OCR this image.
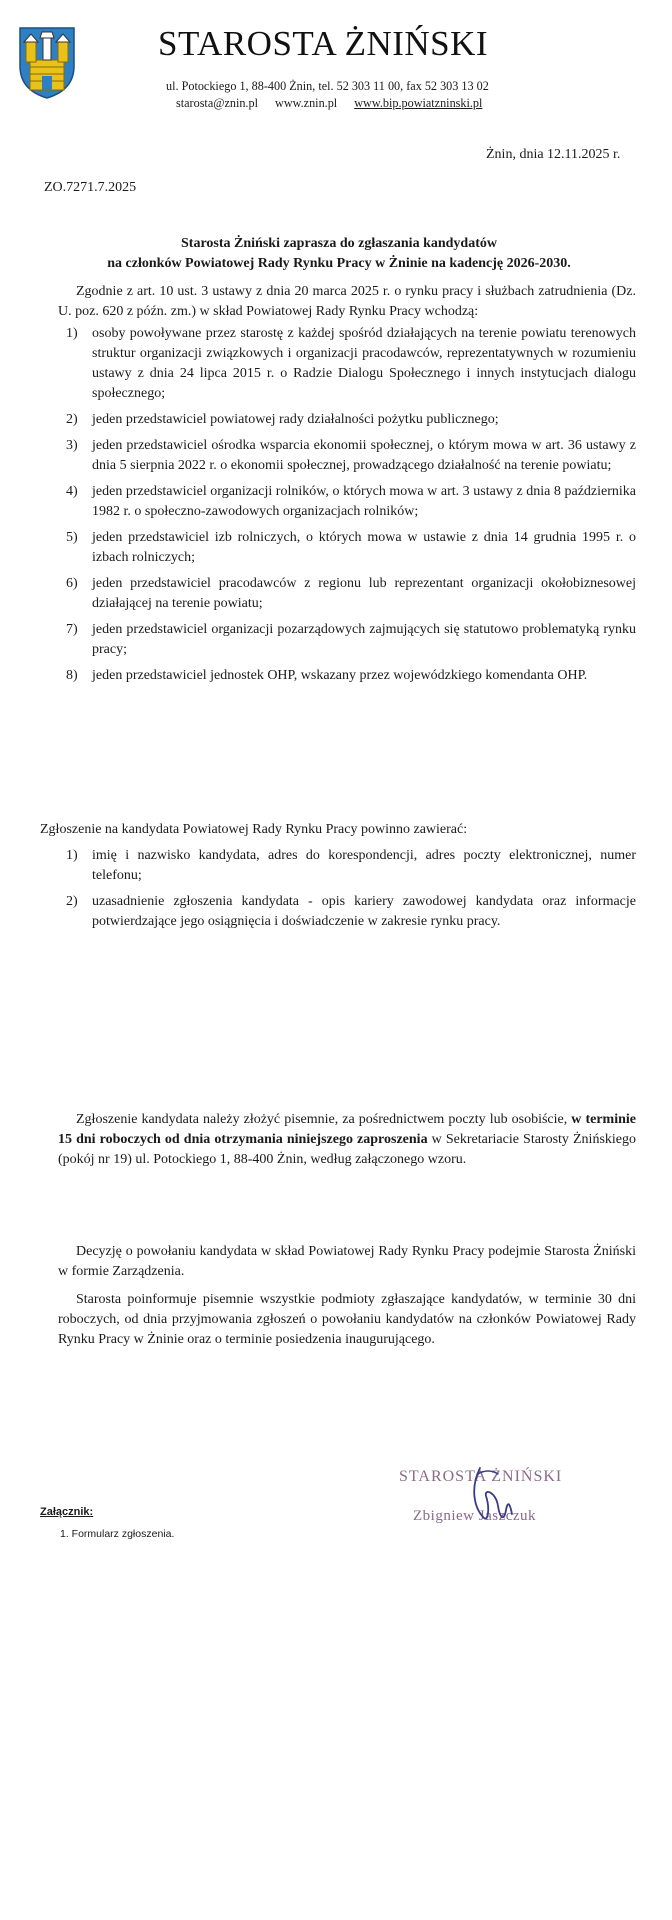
STAROSTA ŻNIŃSKI
ul. Potockiego 1, 88-400 Żnin, tel. 52 303 11 00, fax 52 303 13 02
starosta@znin.pl www.znin.pl www.bip.powiatzninski.pl
Żnin, dnia 12.11.2025 r.
ZO.7271.7.2025
Starosta Żniński zaprasza do zgłaszania kandydatów
na członków Powiatowej Rady Rynku Pracy w Żninie na kadencję 2026-2030.
Zgodnie z art. 10 ust. 3 ustawy z dnia 20 marca 2025 r. o rynku pracy i służbach zatrudnienia (Dz. U. poz. 620 z późn. zm.) w skład Powiatowej Rady Rynku Pracy wchodzą:
1) osoby powoływane przez starostę z każdej spośród działających na terenie powiatu terenowych struktur organizacji związkowych i organizacji pracodawców, reprezentatywnych w rozumieniu ustawy z dnia 24 lipca 2015 r. o Radzie Dialogu Społecznego i innych instytucjach dialogu społecznego;
2) jeden przedstawiciel powiatowej rady działalności pożytku publicznego;
3) jeden przedstawiciel ośrodka wsparcia ekonomii społecznej, o którym mowa w art. 36 ustawy z dnia 5 sierpnia 2022 r. o ekonomii społecznej, prowadzącego działalność na terenie powiatu;
4) jeden przedstawiciel organizacji rolników, o których mowa w art. 3 ustawy z dnia 8 października 1982 r. o społeczno-zawodowych organizacjach rolników;
5) jeden przedstawiciel izb rolniczych, o których mowa w ustawie z dnia 14 grudnia 1995 r. o izbach rolniczych;
6) jeden przedstawiciel pracodawców z regionu lub reprezentant organizacji okołobiznesowej działającej na terenie powiatu;
7) jeden przedstawiciel organizacji pozarządowych zajmujących się statutowo problematyką rynku pracy;
8) jeden przedstawiciel jednostek OHP, wskazany przez wojewódzkiego komendanta OHP.
Zgłoszenie na kandydata Powiatowej Rady Rynku Pracy powinno zawierać:
1) imię i nazwisko kandydata, adres do korespondencji, adres poczty elektronicznej, numer telefonu;
2) uzasadnienie zgłoszenia kandydata - opis kariery zawodowej kandydata oraz informacje potwierdzające jego osiągnięcia i doświadczenie w zakresie rynku pracy.
Zgłoszenie kandydata należy złożyć pisemnie, za pośrednictwem poczty lub osobiście, w terminie 15 dni roboczych od dnia otrzymania niniejszego zaproszenia w Sekretariacie Starosty Żnińskiego (pokój nr 19) ul. Potockiego 1, 88-400 Żnin, według załączonego wzoru.
Decyzję o powołaniu kandydata w skład Powiatowej Rady Rynku Pracy podejmie Starosta Żniński w formie Zarządzenia.
Starosta poinformuje pisemnie wszystkie podmioty zgłaszające kandydatów, w terminie 30 dni roboczych, od dnia przyjmowania zgłoszeń o powołaniu kandydatów na członków Powiatowej Rady Rynku Pracy w Żninie oraz o terminie posiedzenia inaugurującego.
STAROSTA ŻNIŃSKI
Zbigniew Jaszczuk
Załącznik:
1. Formularz zgłoszenia.
